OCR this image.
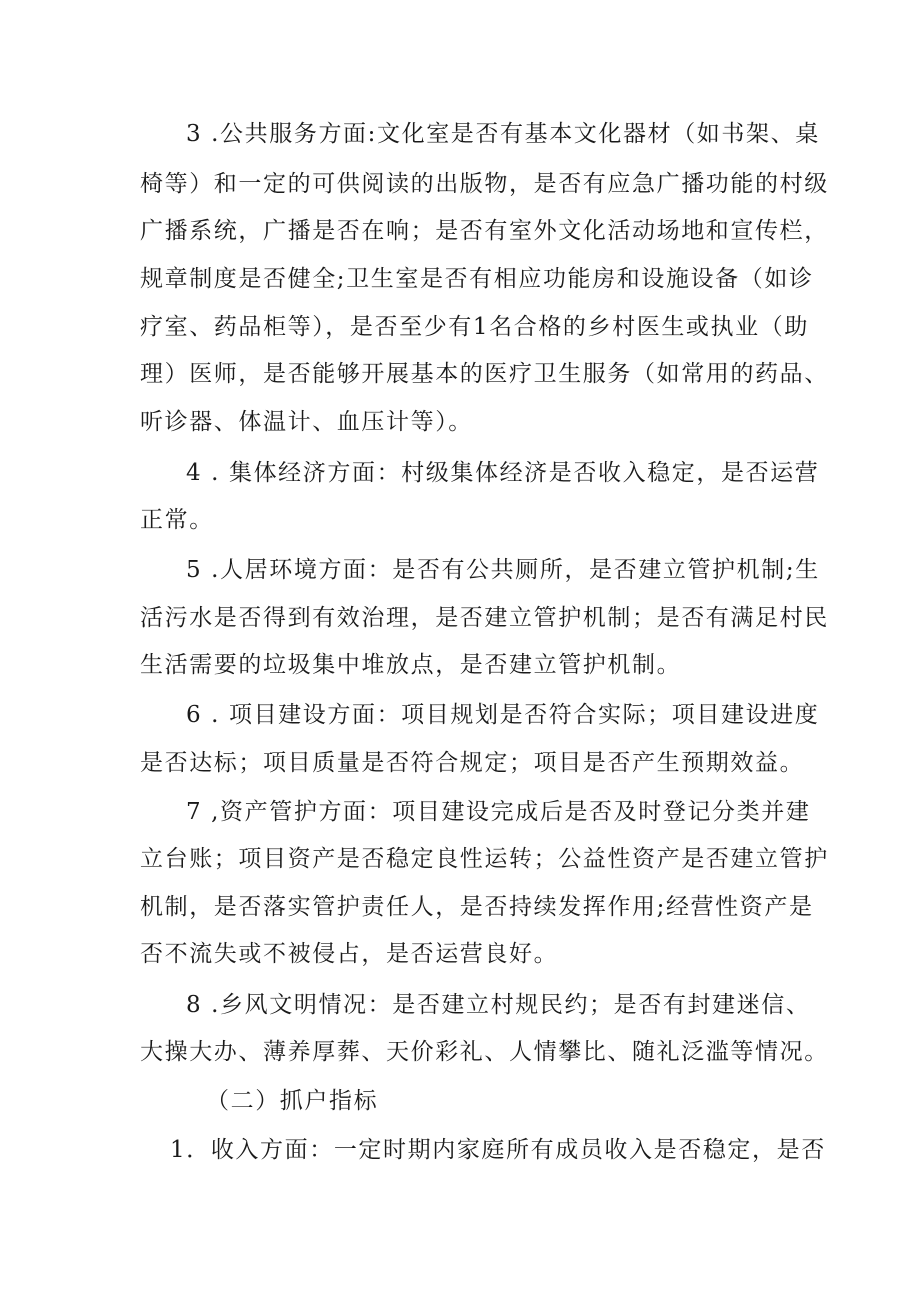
3 .公共服务方面:文化室是否有基本文化器材（如书架、桌
椅等）和一定的可供阅读的出版物，是否有应急广播功能的村级
广播系统，广播是否在响；是否有室外文化活动场地和宣传栏，
规章制度是否健全;卫生室是否有相应功能房和设施设备（如诊
疗室、药品柜等），是否至少有1名合格的乡村医生或执业（助
理）医师，是否能够开展基本的医疗卫生服务（如常用的药品、
听诊器、体温计、血压计等）。
4 . 集体经济方面：村级集体经济是否收入稳定，是否运营
正常。
5 .人居环境方面：是否有公共厕所，是否建立管护机制;生
活污水是否得到有效治理，是否建立管护机制；是否有满足村民
生活需要的垃圾集中堆放点，是否建立管护机制。
6 . 项目建设方面：项目规划是否符合实际；项目建设进度
是否达标；项目质量是否符合规定；项目是否产生预期效益。
7 ,资产管护方面：项目建设完成后是否及时登记分类并建
立台账；项目资产是否稳定良性运转；公益性资产是否建立管护
机制，是否落实管护责任人，是否持续发挥作用;经营性资产是
否不流失或不被侵占，是否运营良好。
8 .乡风文明情况：是否建立村规民约；是否有封建迷信、
大操大办、薄养厚葬、天价彩礼、人情攀比、随礼泛滥等情况。
（二）抓户指标
1．收入方面：一定时期内家庭所有成员收入是否稳定，是否
